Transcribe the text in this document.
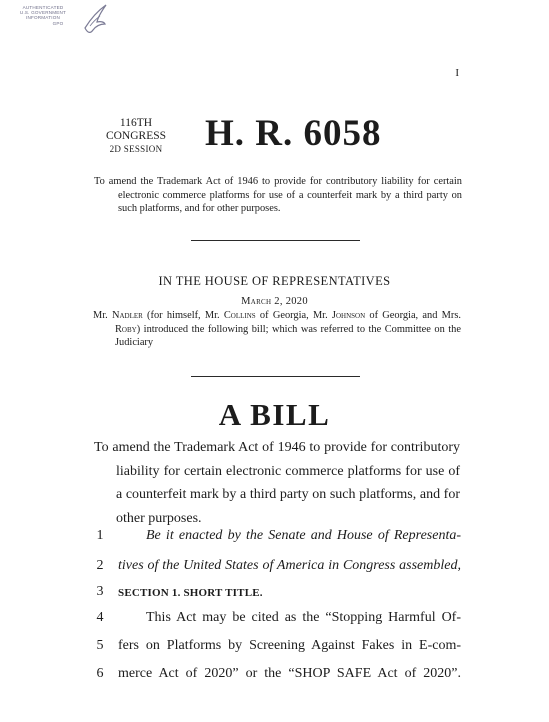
AUTHENTICATED
U.S. GOVERNMENT
INFORMATION
GPO
I
116TH CONGRESS
2D SESSION	H. R. 6058

To amend the Trademark Act of 1946 to provide for contributory liability for certain electronic commerce platforms for use of a counterfeit mark by a third party on such platforms, and for other purposes.

IN THE HOUSE OF REPRESENTATIVES
March 2, 2020

Mr. Nadler (for himself, Mr. Collins of Georgia, Mr. Johnson of Georgia, and Mrs. Roby) introduced the following bill; which was referred to the Committee on the Judiciary

A BILL

To amend the Trademark Act of 1946 to provide for contributory liability for certain electronic commerce platforms for use of a counterfeit mark by a third party on such platforms, and for other purposes.

1	Be it enacted by the Senate and House of Representa-
2	tives of the United States of America in Congress assembled,
3	SECTION 1. SHORT TITLE.
4	This Act may be cited as the “Stopping Harmful Of-
5	fers on Platforms by Screening Against Fakes in E-com-
6	merce Act of 2020” or the “SHOP SAFE Act of 2020”.
